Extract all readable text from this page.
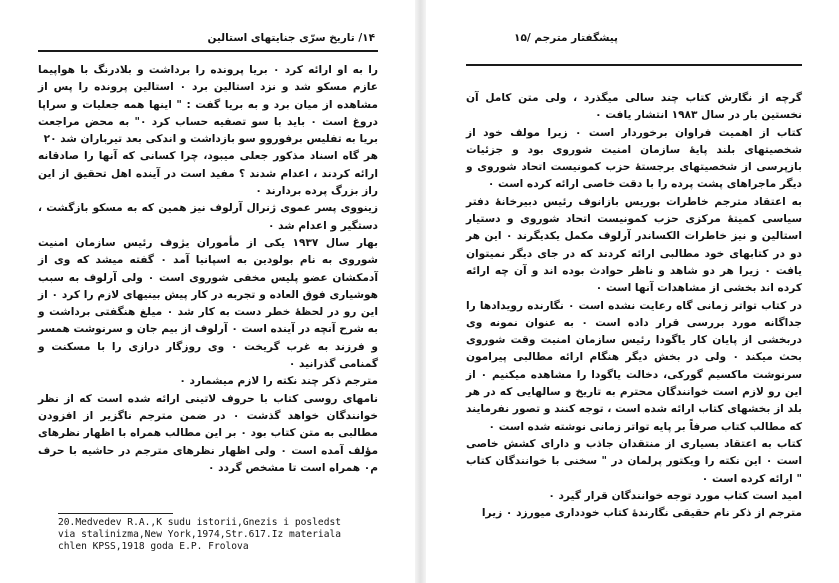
۱۴/ تاریخ سرّی جنایتهای استالین

را به او ارائه کرد ٠ بریا پرونده را برداشت و بلادرنگ با هواپیما عازم مسکو شد و نزد استالین برد ٠ استالین پرونده را پس از مشاهده از میان برد و به بریا گفت : " اینها همه جعلیات و سراپا دروغ است ٠ باید با سو تصفیه حساب کرد ٠" به محض مراجعت بریا به تفلیس برفوروو سو بازداشت و اندکی بعد تیرباران شد ٢٠

هر گاه اسناد مذکور جعلی میبود، چرا کسانی که آنها را صادقانه ارائه کردند ، اعدام شدند ؟ مفید است در آینده اهل تحقیق از این راز بزرگ پرده بردارند ٠

زینووی پسر عموی ژنرال آرلوف نیز همین که به مسکو بازگشت ، دستگیر و اعدام شد ٠

بهار سال ١٩٣٧ یکی از مأموران یژوف رئیس سازمان امنیت شوروی به نام بولودین به اسپانیا آمد ٠ گفته میشد که وی از آدمکشان عضو پلیس مخفی شوروی است ٠ ولی آرلوف به سبب هوشیاری فوق العاده و تجربه در کار پیش بینیهای لازم را کرد ٠ از این رو در لحظهٔ خطر دست به کار شد ٠ میلغ هنگفتی برداشت و به شرح آنچه در آینده است ٠ آرلوف از بیم جان و سرنوشت همسر و فرزند به غرب گریخت ٠ وی روزگار درازی را با مسکنت و گمنامی گذرانید ٠

مترجم ذکر چند نکته را لازم میشمارد ٠

نامهای روسی کتاب با حروف لاتینی ارائه شده است که از نظر خوانندگان خواهد گذشت ٠ در ضمن مترجم ناگزیر از افزودن مطالبی به متن کتاب بود ٠ بر این مطالب همراه با اظهار نظرهای مؤلف آمده است ٠ ولی اظهار نظرهای مترجم در حاشیه با حرف م٠ همراه است تا مشخص گردد ٠

20.Medvedev R.A.,K sudu istorii,Gnezis i posledst
via stalinizma,New York,1974,Str.617.Iz materiala
chlen KPSS,1918 goda E.P. Frolova
پیشگفتار مترجم /۱۵

گرچه از نگارش کتاب چند سالی میگذرد ، ولی متن کامل آن نخستین بار در سال ١٩٨٣ انتشار یافت ٠

کتاب از اهمیت فراوان برخوردار است ٠ زیرا مولف خود از شخصیتهای بلند پایهٔ سازمان امنیت شوروی بود و جزئیات بازپرسی از شخصیتهای برجستهٔ حزب کمونیست اتحاد شوروی و دیگر ماجراهای پشت پرده را با دقت خاصی ارائه کرده است ٠

به اعتقاد مترجم خاطرات بوریس بازانوف رئیس دبیرخانهٔ دفتر سیاسی کمیتهٔ مرکزی حزب کمونیست اتحاد شوروی و دستیار استالین و نیز خاطرات الکساندر آرلوف مکمل یکدیگرند ٠ این هر دو در کتابهای خود مطالبی ارائه کردند که در جای دیگر نمیتوان یافت ٠ زیرا هر دو شاهد و ناظر حوادث بوده اند و آن چه ارائه کرده اند بخشی از مشاهدات آنها است ٠

در کتاب تواتر زمانی گاه رعایت نشده است ٠ نگارنده رویدادها را جداگانه مورد بررسی قرار داده است ٠ به عنوان نمونه وی دربخشی از پایان کار یاگودا رئیس سازمان امنیت وقت شوروی بحث میکند ٠ ولی در بخش دیگر هنگام ارائه مطالبی پیرامون سرنوشت ماکسیم گورکی، دخالت یاگودا را مشاهده میکنیم ٠ از این رو لازم است خوانندگان محترم به تاریخ و سالهایی که در هر بلد از بخشهای کتاب ارائه شده است ، توجه کنند و تصور نفرمایند که مطالب کتاب صرفاً بر پایه تواتر زمانی نوشته شده است ٠

کتاب به اعتقاد بسیاری از منتقدان جاذب و دارای کشش خاصی است ٠ این نکته را ویکتور پرلمان در " سخنی با خوانندگان کتاب " ارائه کرده است ٠

امید است کتاب مورد توجه خوانندگان قرار گیرد ٠

مترجم از ذکر نام حقیقی نگارندهٔ کتاب خودداری میورزد ٠ زیرا
